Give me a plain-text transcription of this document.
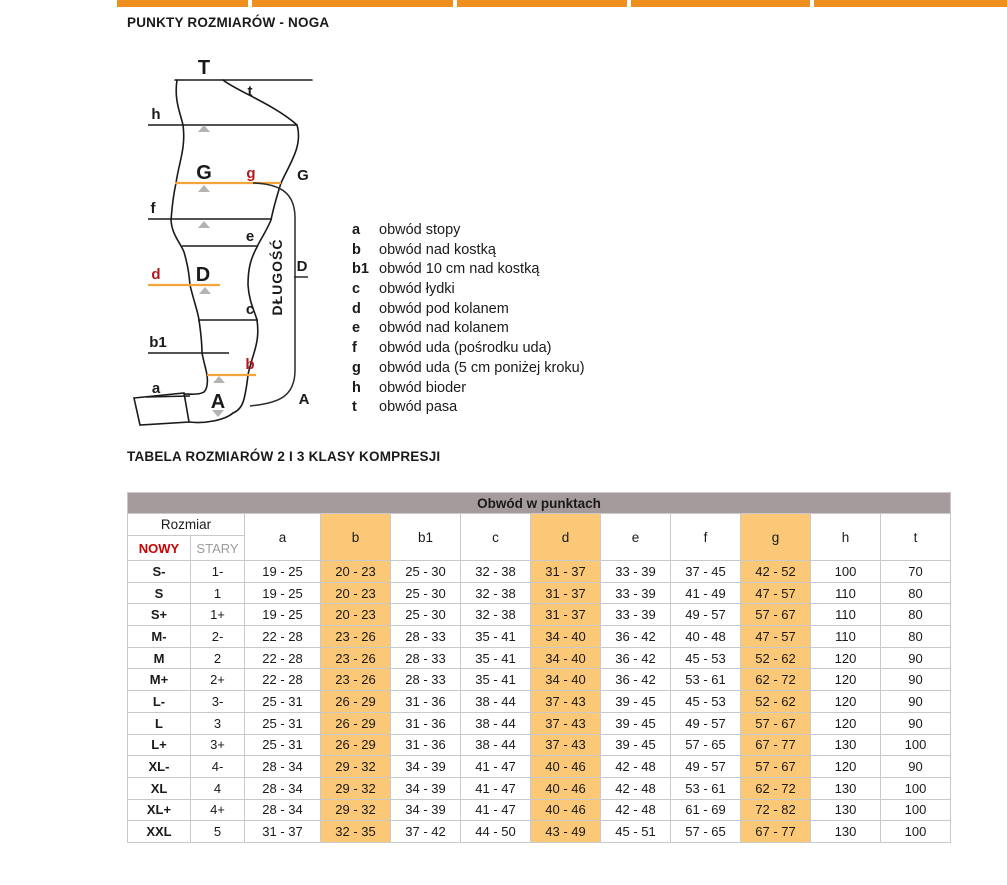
PUNKTY ROZMIARÓW - NOGA
T
t
h
G g	G
f
e
d D	D
c
b1
b
a
A	A
DŁUGOŚĆ
a	obwód stopy
b	obwód nad kostką
b1 obwód 10 cm nad kostką
c	obwód łydki
d	obwód pod kolanem
e	obwód nad kolanem
f	obwód uda (pośrodku uda)
g	obwód uda (5 cm poniżej kroku)
h	obwód bioder
t	obwód pasa
TABELA ROZMIARÓW 2 I 3 KLASY KOMPRESJI
Obwód w punktach											
Rozmiar		a	b	b1	c	d	e	f	g	h	t
NOWY	STARY										
S-	1-	19 - 25	20 - 23	25 - 30	32 - 38	31 - 37	33 - 39	37 - 45	42 - 52	100	70
S	1	19 - 25	20 - 23	25 - 30	32 - 38	31 - 37	33 - 39	41 - 49	47 - 57	110	80
S+	1+	19 - 25	20 - 23	25 - 30	32 - 38	31 - 37	33 - 39	49 - 57	57 - 67	110	80
M-	2-	22 - 28	23 - 26	28 - 33	35 - 41	34 - 40	36 - 42	40 - 48	47 - 57	110	80
M	2	22 - 28	23 - 26	28 - 33	35 - 41	34 - 40	36 - 42	45 - 53	52 - 62	120	90
M+	2+	22 - 28	23 - 26	28 - 33	35 - 41	34 - 40	36 - 42	53 - 61	62 - 72	120	90
L-	3-	25 - 31	26 - 29	31 - 36	38 - 44	37 - 43	39 - 45	45 - 53	52 - 62	120	90
L	3	25 - 31	26 - 29	31 - 36	38 - 44	37 - 43	39 - 45	49 - 57	57 - 67	120	90
L+	3+	25 - 31	26 - 29	31 - 36	38 - 44	37 - 43	39 - 45	57 - 65	67 - 77	130	100
XL-	4-	28 - 34	29 - 32	34 - 39	41 - 47	40 - 46	42 - 48	49 - 57	57 - 67	120	90
XL	4	28 - 34	29 - 32	34 - 39	41 - 47	40 - 46	42 - 48	53 - 61	62 - 72	130	100
XL+	4+	28 - 34	29 - 32	34 - 39	41 - 47	40 - 46	42 - 48	61 - 69	72 - 82	130	100
XXL	5	31 - 37	32 - 35	37 - 42	44 - 50	43 - 49	45 - 51	57 - 65	67 - 77	130	100
